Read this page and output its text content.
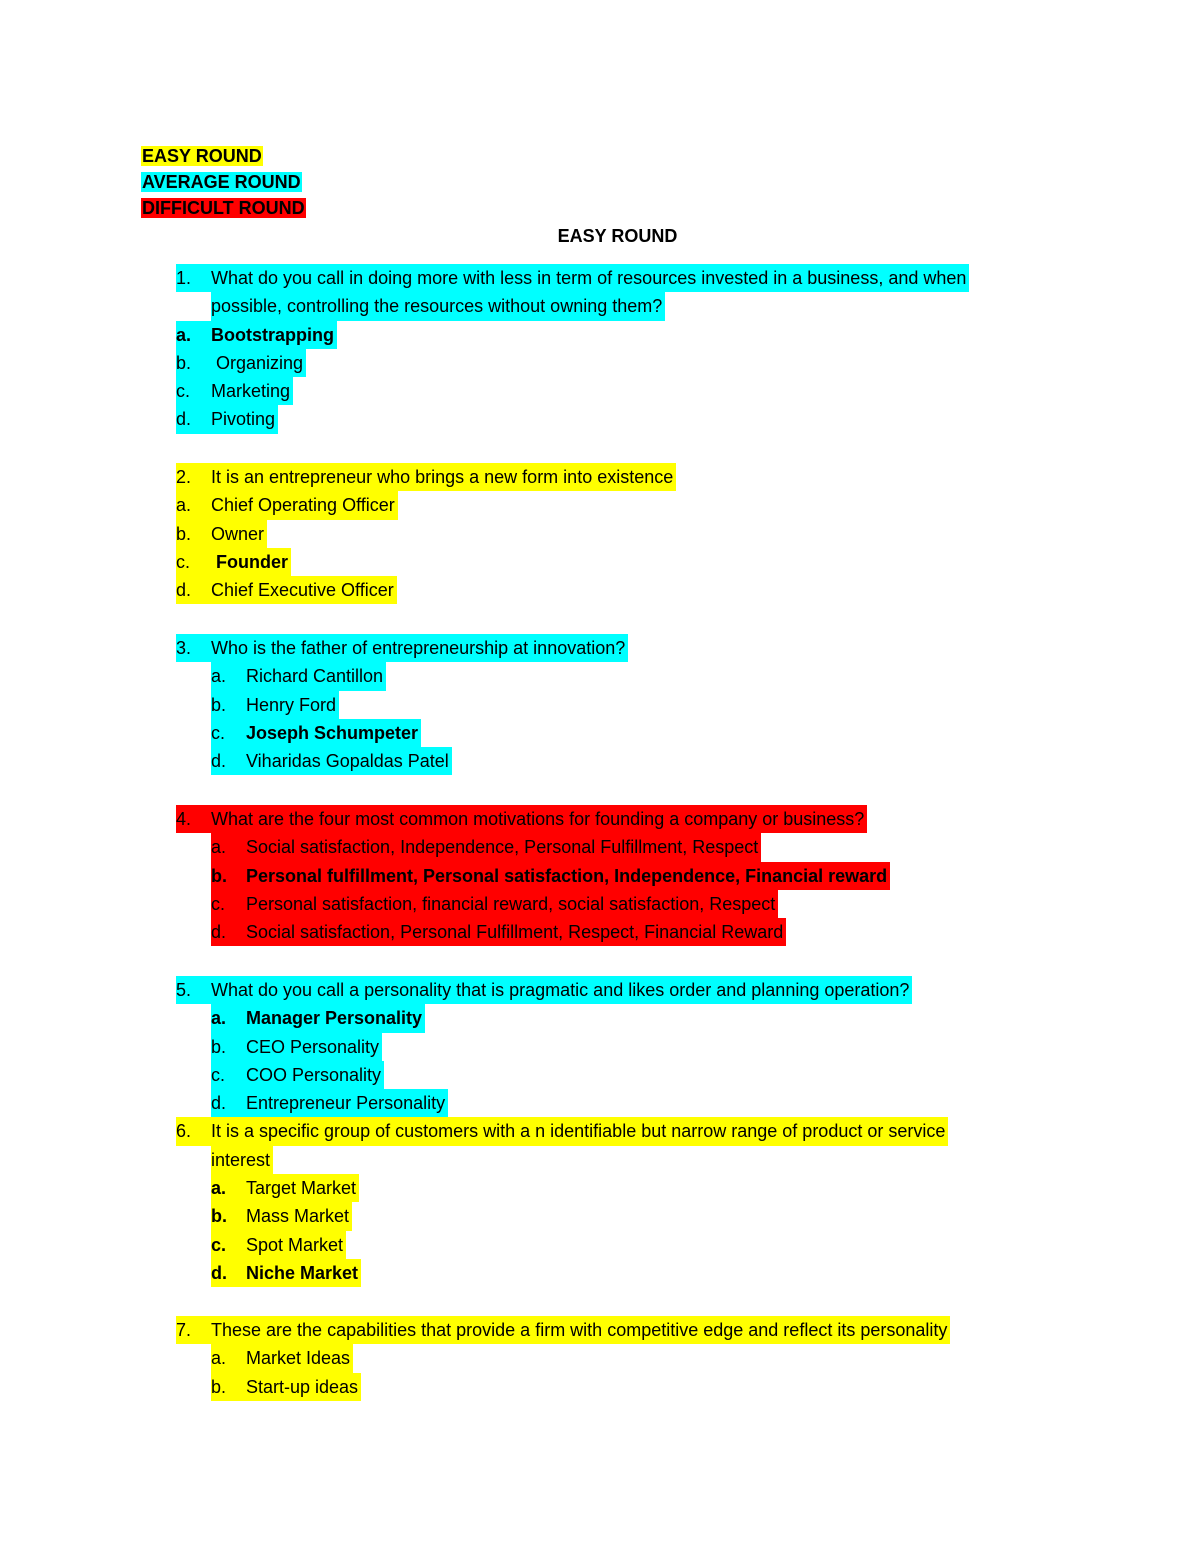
EASY ROUND
AVERAGE ROUND
DIFFICULT ROUND
EASY ROUND
1. What do you call in doing more with less in term of resources invested in a business, and when
possible, controlling the resources without owning them?
a. Bootstrapping
b. Organizing
c. Marketing
d. Pivoting
2. It is an entrepreneur who brings a new form into existence
a. Chief Operating Officer
b. Owner
c. Founder
d. Chief Executive Officer
3. Who is the father of entrepreneurship at innovation?
a. Richard Cantillon
b. Henry Ford
c. Joseph Schumpeter
d. Viharidas Gopaldas Patel
4. What are the four most common motivations for founding a company or business?
a. Social satisfaction, Independence, Personal Fulfillment, Respect
b. Personal fulfillment, Personal satisfaction, Independence, Financial reward
c. Personal satisfaction, financial reward, social satisfaction, Respect
d. Social satisfaction, Personal Fulfillment, Respect, Financial Reward
5. What do you call a personality that is pragmatic and likes order and planning operation?
a. Manager Personality
b. CEO Personality
c. COO Personality
d. Entrepreneur Personality
6. It is a specific group of customers with a n identifiable but narrow range of product or service
interest
a. Target Market
b. Mass Market
c. Spot Market
d. Niche Market
7. These are the capabilities that provide a firm with competitive edge and reflect its personality
a. Market Ideas
b. Start-up ideas
